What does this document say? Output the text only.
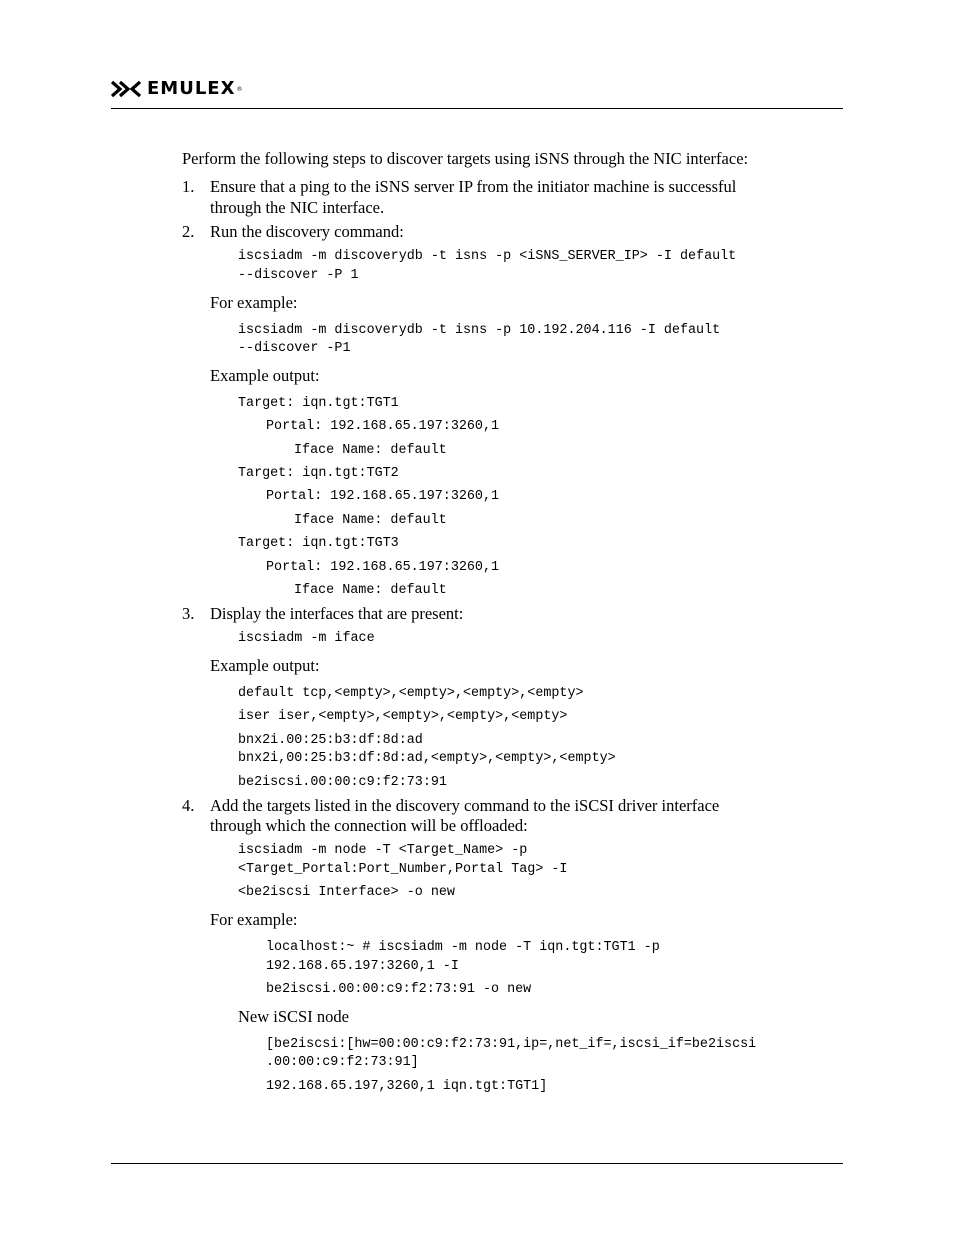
EMULEX ®
Perform the following steps to discover targets using iSNS through the NIC interface:
1. Ensure that a ping to the iSNS server IP from the initiator machine is successful
through the NIC interface.
2. Run the discovery command:
iscsiadm -m discoverydb -t isns -p <iSNS_SERVER_IP> -I default
--discover -P 1
For example:
iscsiadm -m discoverydb -t isns -p 10.192.204.116 -I default
--discover -P1
Example output:
Target: iqn.tgt:TGT1
Portal: 192.168.65.197:3260,1
Iface Name: default
Target: iqn.tgt:TGT2
Portal: 192.168.65.197:3260,1
Iface Name: default
Target: iqn.tgt:TGT3
Portal: 192.168.65.197:3260,1
Iface Name: default
3. Display the interfaces that are present:
iscsiadm -m iface
Example output:
default tcp,<empty>,<empty>,<empty>,<empty>
iser iser,<empty>,<empty>,<empty>,<empty>
bnx2i.00:25:b3:df:8d:ad
bnx2i,00:25:b3:df:8d:ad,<empty>,<empty>,<empty>
be2iscsi.00:00:c9:f2:73:91
4. Add the targets listed in the discovery command to the iSCSI driver interface
through which the connection will be offloaded:
iscsiadm -m node -T <Target_Name> -p
<Target_Portal:Port_Number,Portal Tag> -I
<be2iscsi Interface> -o new
For example:
localhost:~ # iscsiadm -m node -T iqn.tgt:TGT1 -p
192.168.65.197:3260,1 -I
be2iscsi.00:00:c9:f2:73:91 -o new
New iSCSI node
[be2iscsi:[hw=00:00:c9:f2:73:91,ip=,net_if=,iscsi_if=be2iscsi
.00:00:c9:f2:73:91]
192.168.65.197,3260,1 iqn.tgt:TGT1]
